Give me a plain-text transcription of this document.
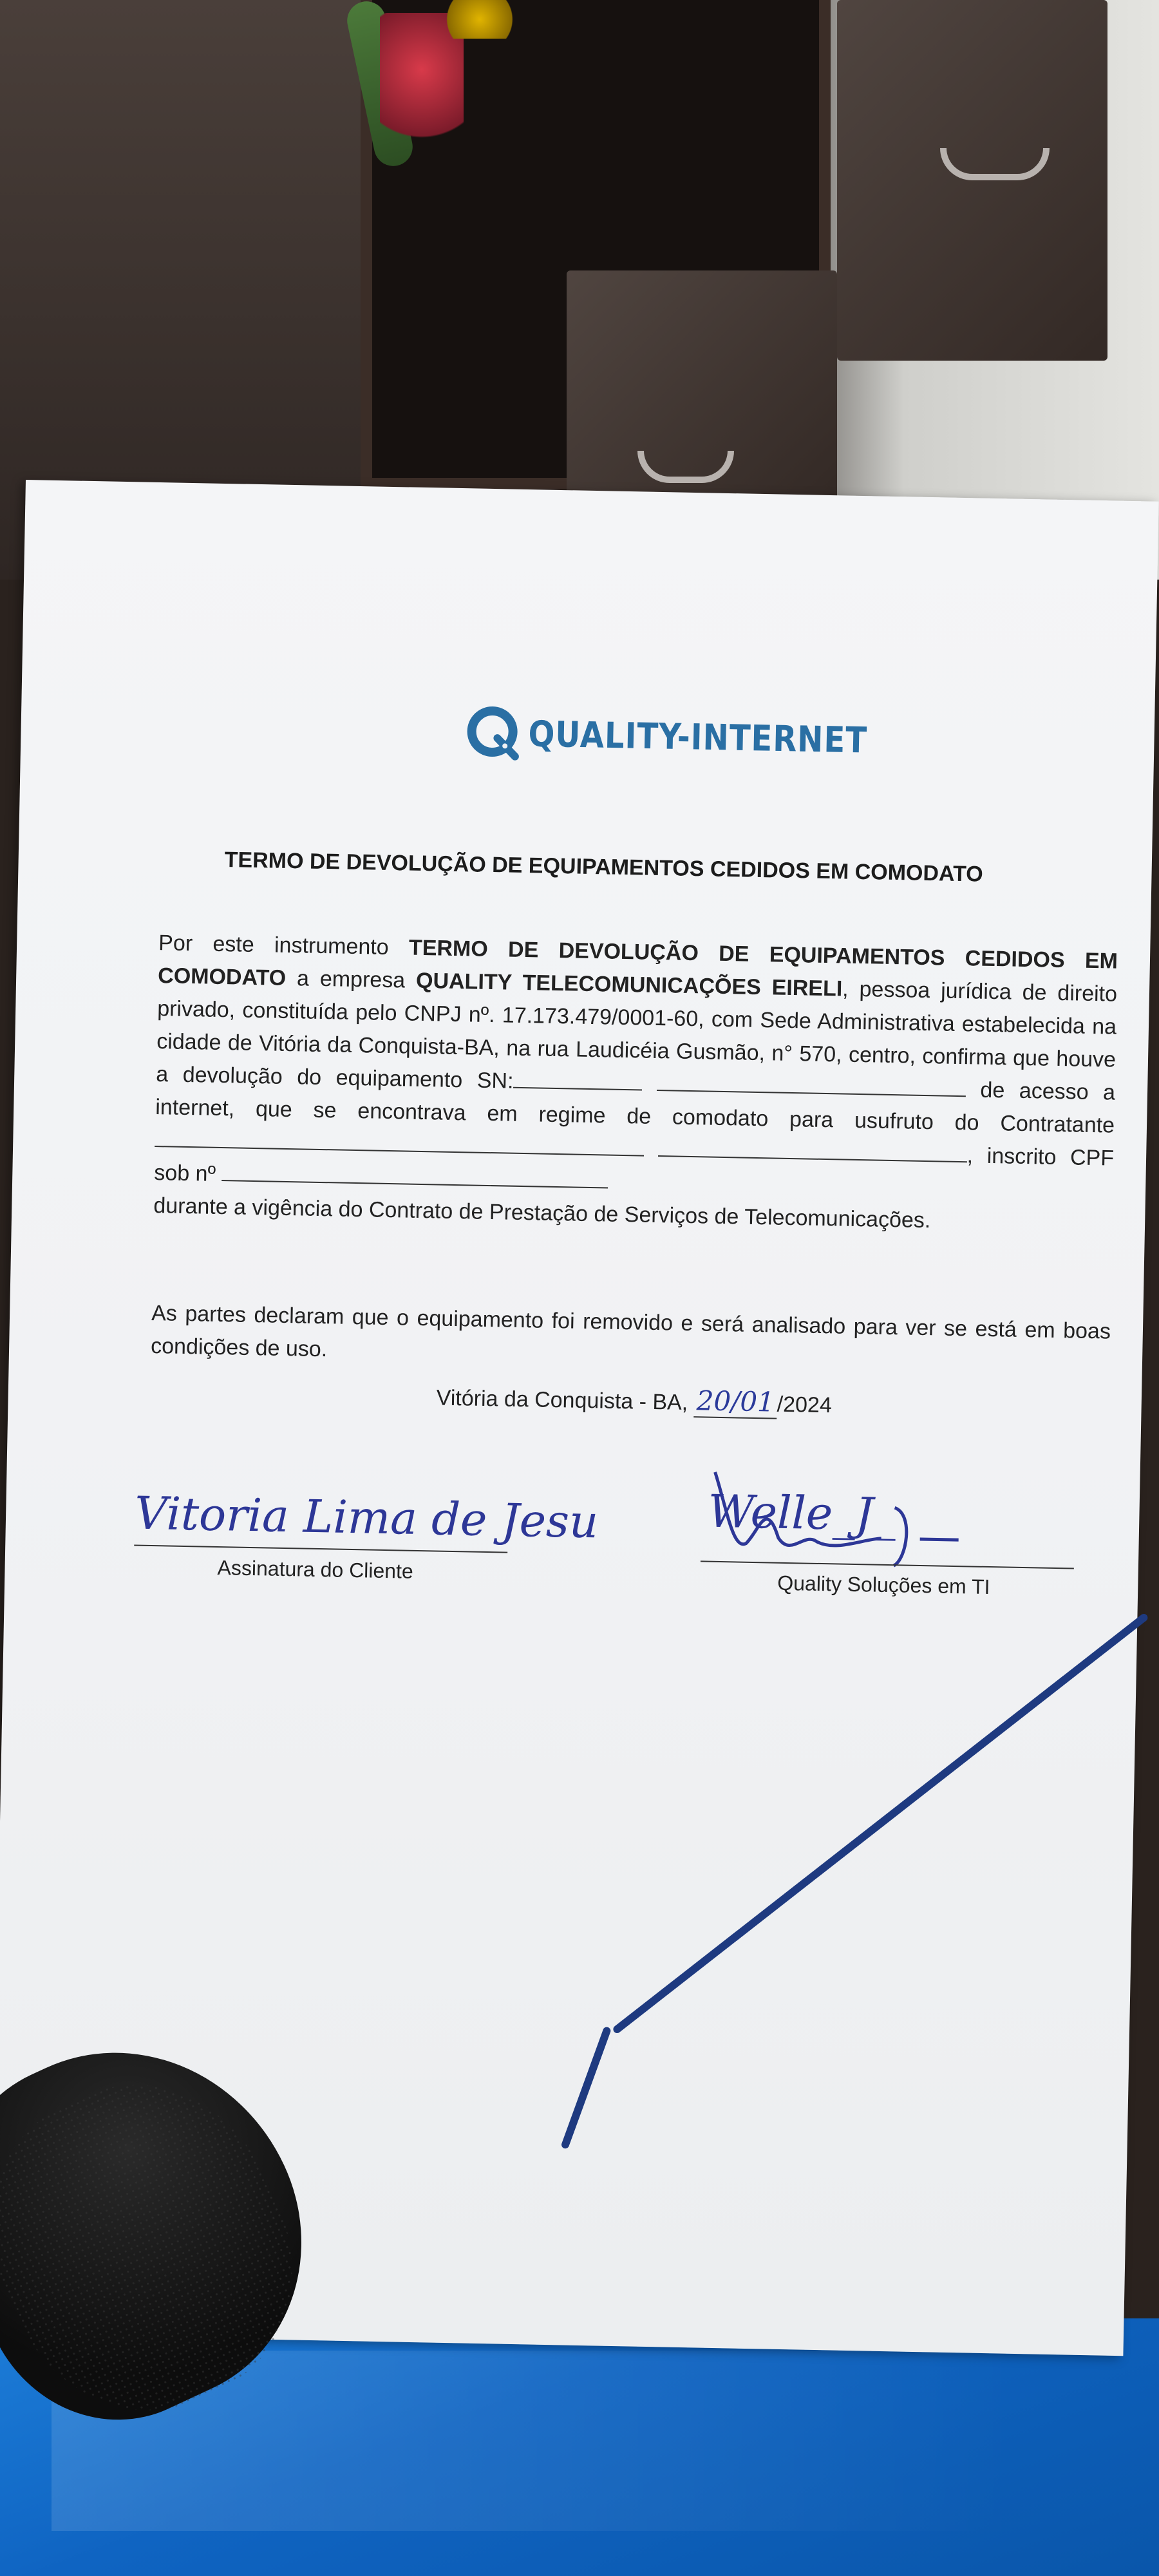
QUALITY-INTERNET
TERMO DE DEVOLUÇÃO DE EQUIPAMENTOS CEDIDOS EM COMODATO
Por este instrumento TERMO DE DEVOLUÇÃO DE EQUIPAMENTOS CEDIDOS EM COMODATO a empresa QUALITY TELECOMUNICAÇÕES EIRELI, pessoa jurídica de direito privado, constituída pelo CNPJ nº. 17.173.479/0001-60, com Sede Administrativa estabelecida na cidade de Vitória da Conquista-BA, na rua Laudicéia Gusmão, n° 570, centro, confirma que houve a devolução do equipamento SN:	de acesso a internet, que se encontrava em regime de comodato para usufruto do Contratante  , inscrito CPF sob nº
durante a vigência do Contrato de Prestação de Serviços de Telecomunicações.
As partes declaram que o equipamento foi removido e será analisado para ver se está em boas condições de uso.
Vitória da Conquista - BA, 20/01/2024
Vitoria Lima de Jesu
Assinatura do Cliente
Welle_J_
Quality Soluções em TI
